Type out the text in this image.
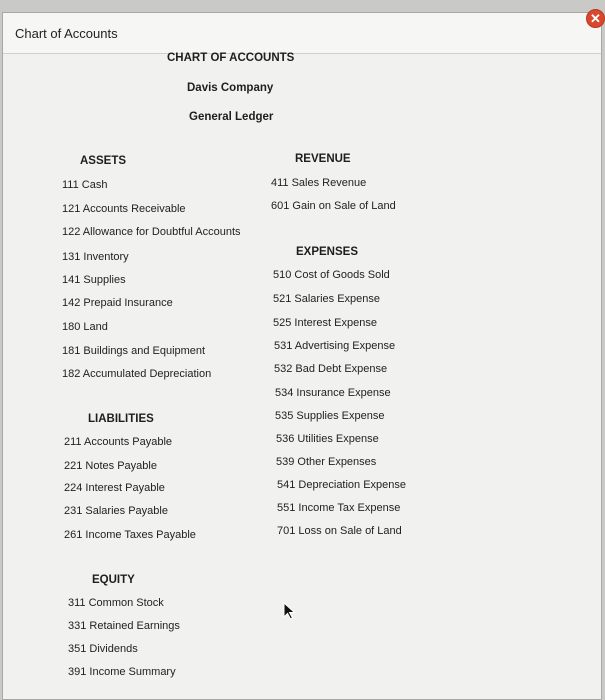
Chart of Accounts
✕
CHART OF ACCOUNTS
Davis Company
General Ledger
ASSETS
111 Cash
121 Accounts Receivable
122 Allowance for Doubtful Accounts
131 Inventory
141 Supplies
142 Prepaid Insurance
180 Land
181 Buildings and Equipment
182 Accumulated Depreciation
LIABILITIES
211 Accounts Payable
221 Notes Payable
224 Interest Payable
231 Salaries Payable
261 Income Taxes Payable
EQUITY
311 Common Stock
331 Retained Earnings
351 Dividends
391 Income Summary
REVENUE
411 Sales Revenue
601 Gain on Sale of Land
EXPENSES
510 Cost of Goods Sold
521 Salaries Expense
525 Interest Expense
531 Advertising Expense
532 Bad Debt Expense
534 Insurance Expense
535 Supplies Expense
536 Utilities Expense
539 Other Expenses
541 Depreciation Expense
551 Income Tax Expense
701 Loss on Sale of Land
